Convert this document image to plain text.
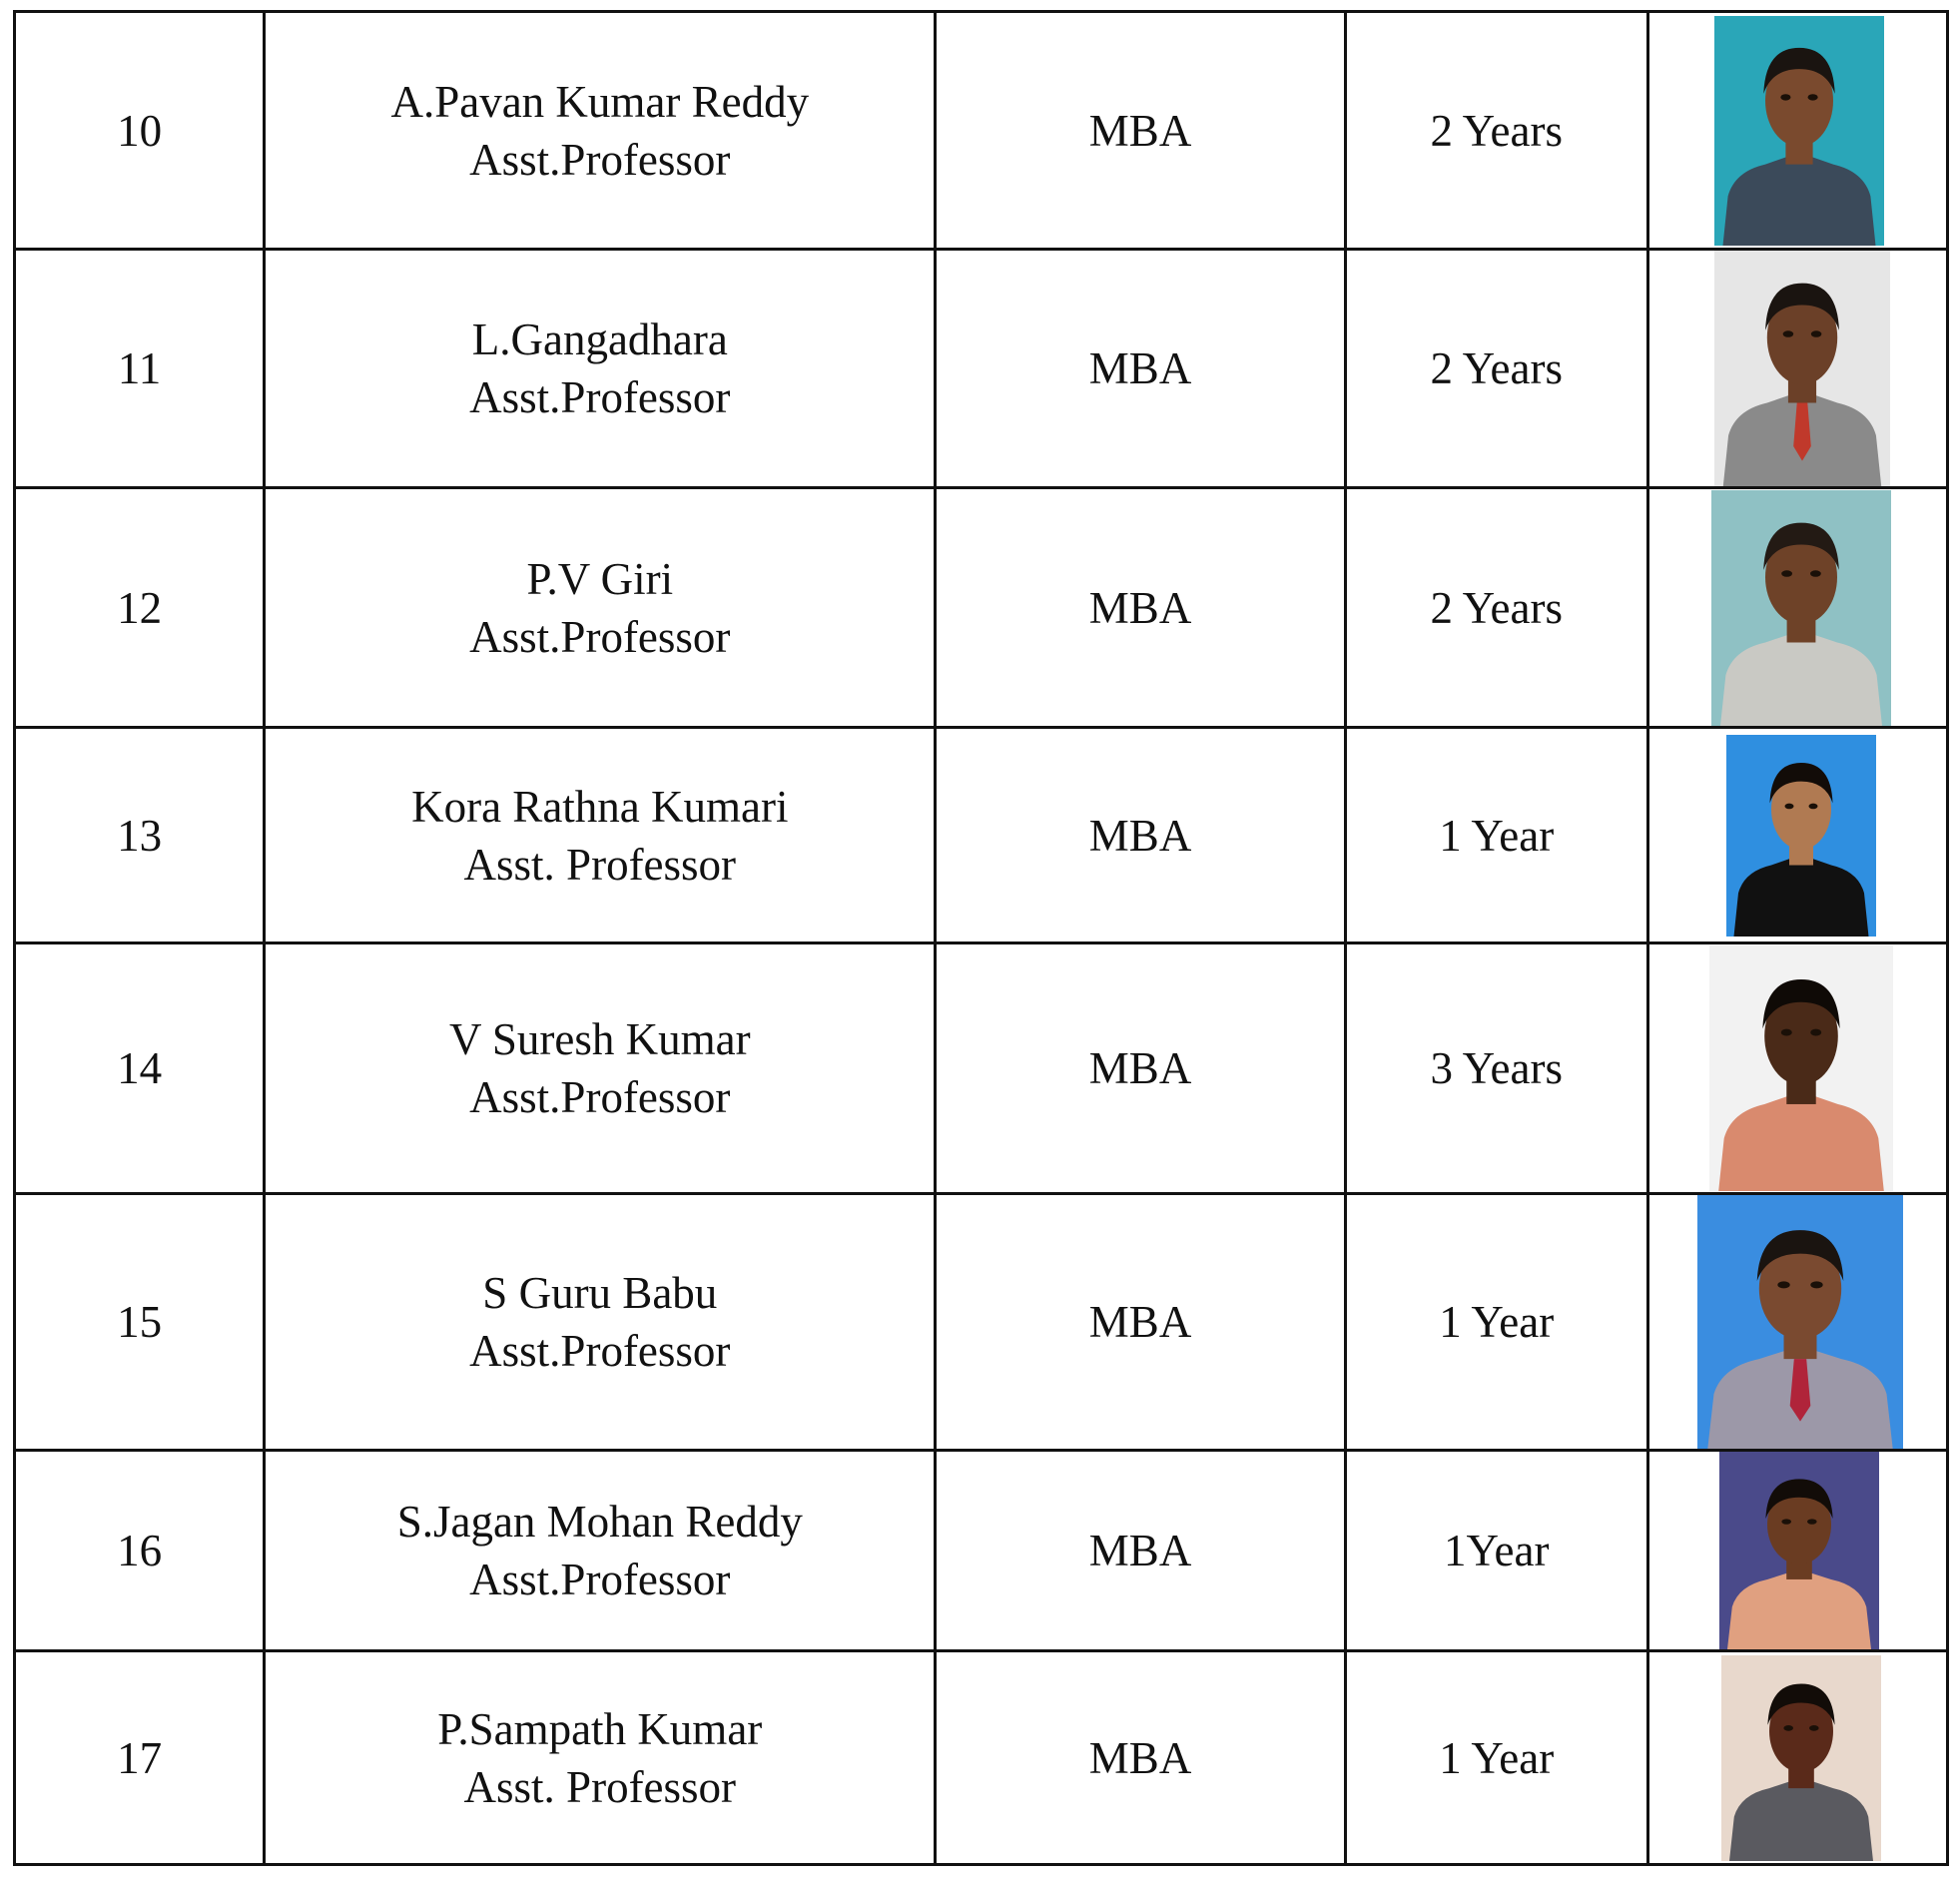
10	A.Pavan Kumar Reddy
Asst.Professor	MBA	2 Years	

11	L.Gangadhara
Asst.Professor	MBA	2 Years	

12	P.V Giri
Asst.Professor	MBA	2 Years	

13	Kora Rathna Kumari
Asst. Professor	MBA	1 Year	

14	V Suresh Kumar
Asst.Professor	MBA	3 Years	

15	S Guru Babu
Asst.Professor	MBA	1 Year	

16	S.Jagan Mohan Reddy
Asst.Professor	MBA	1Year	

17	P.Sampath Kumar
Asst. Professor	MBA	1 Year	
